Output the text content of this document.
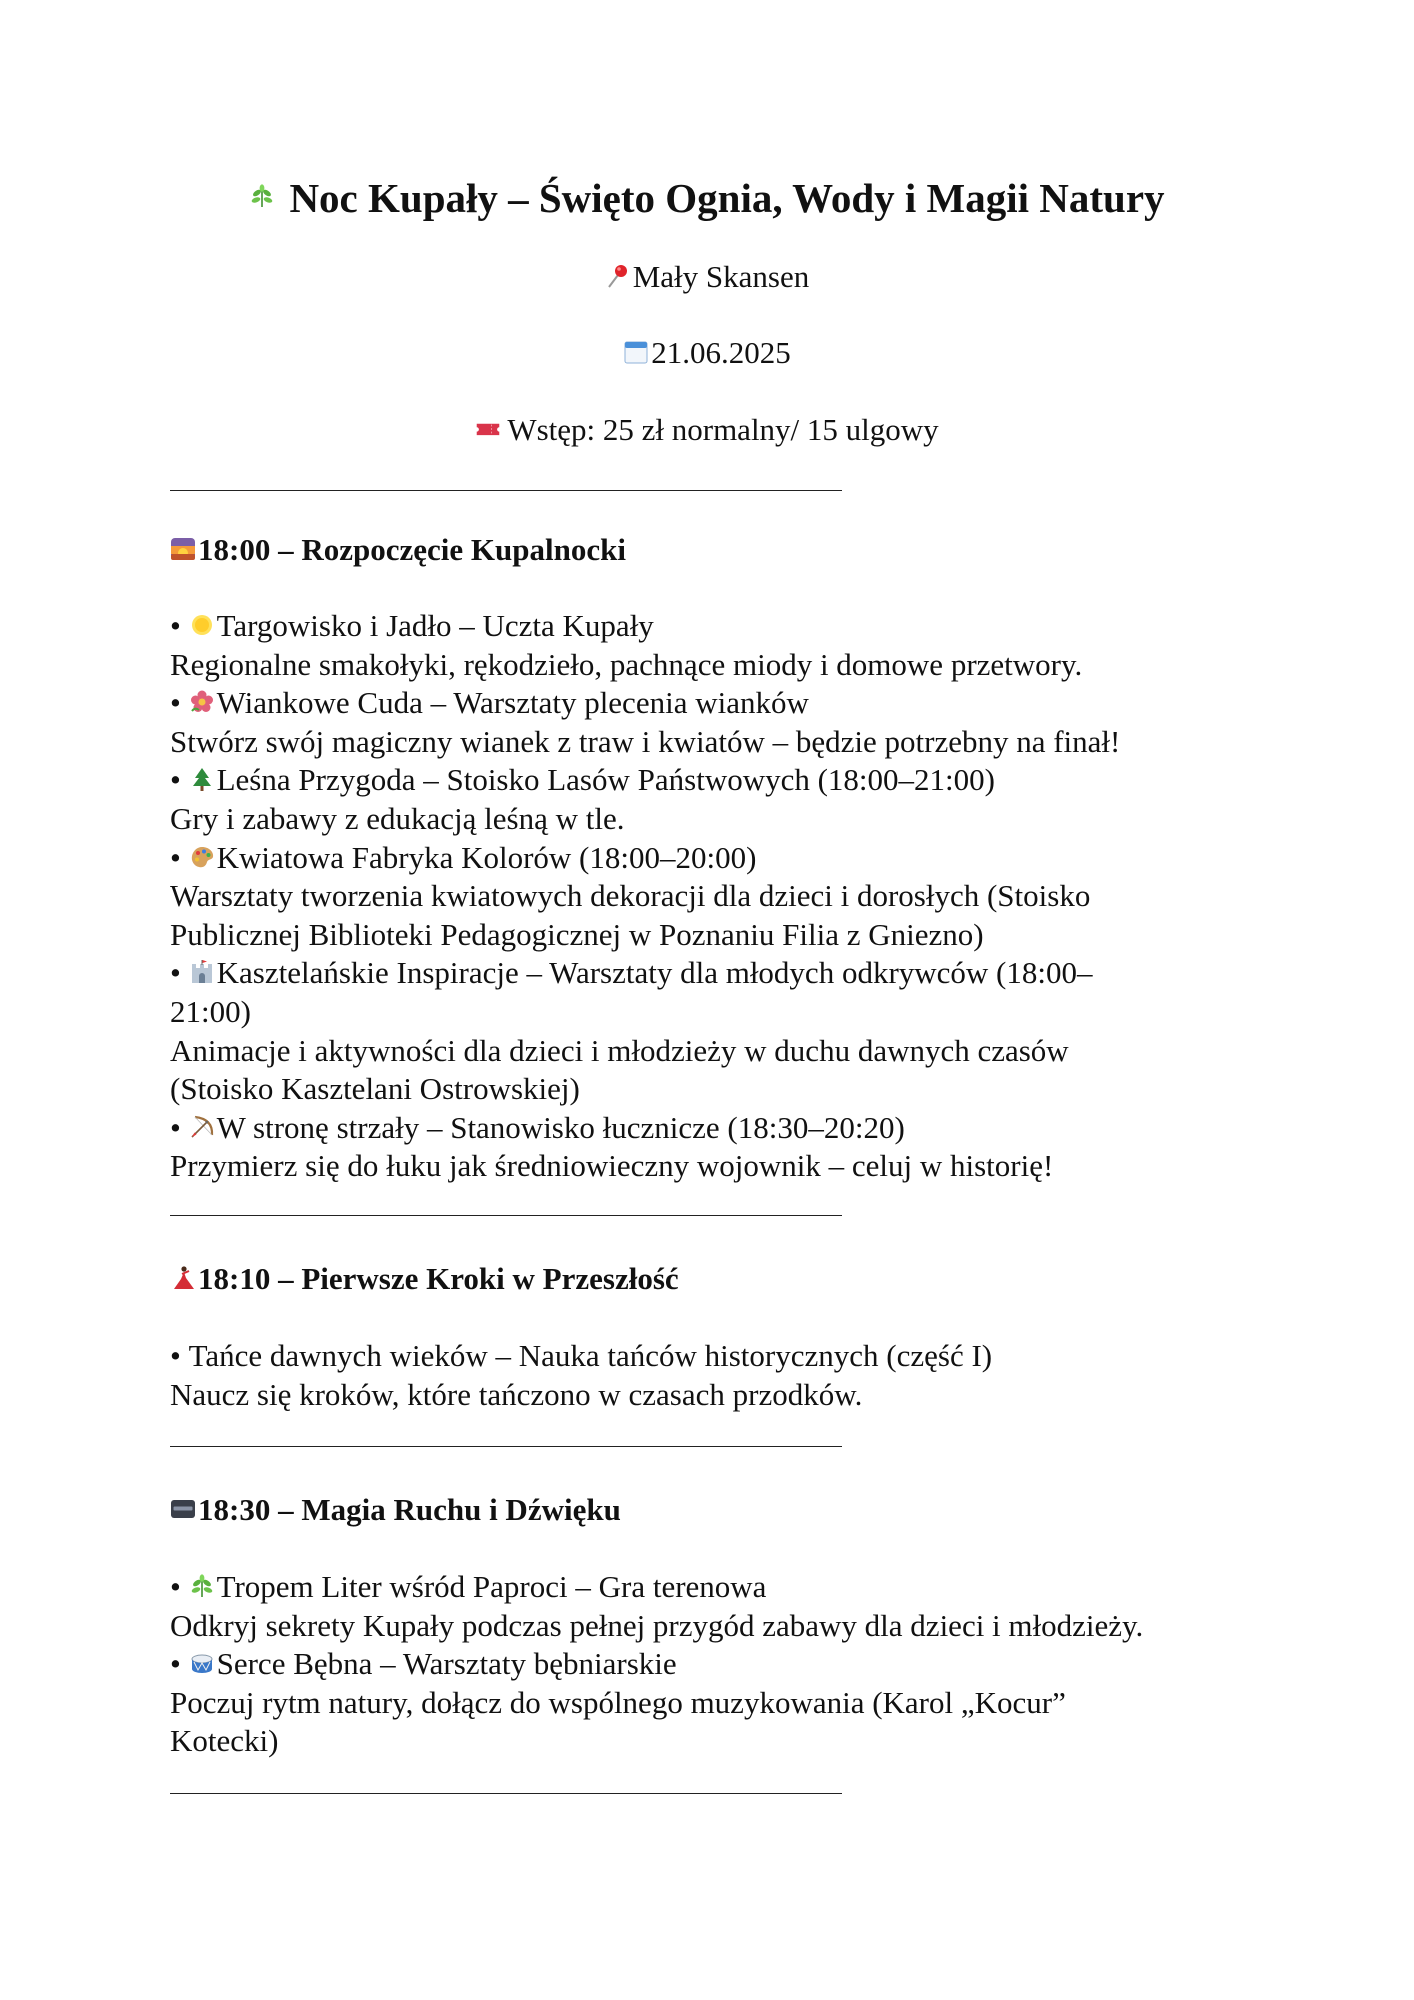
Noc Kupały – Święto Ognia, Wody i Magii Natury
Mały Skansen
21.06.2025
Wstęp: 25 zł normalny/ 15 ulgowy
18:00 – Rozpoczęcie Kupalnocki
• Targowisko i Jadło – Uczta Kupały
Regionalne smakołyki, rękodzieło, pachnące miody i domowe przetwory.
• Wiankowe Cuda – Warsztaty plecenia wianków
Stwórz swój magiczny wianek z traw i kwiatów – będzie potrzebny na finał!
• Leśna Przygoda – Stoisko Lasów Państwowych (18:00–21:00)
Gry i zabawy z edukacją leśną w tle.
• Kwiatowa Fabryka Kolorów (18:00–20:00)
Warsztaty tworzenia kwiatowych dekoracji dla dzieci i dorosłych (Stoisko
Publicznej Biblioteki Pedagogicznej w Poznaniu Filia z Gniezno)
• Kasztelańskie Inspiracje – Warsztaty dla młodych odkrywców (18:00–
21:00)
Animacje i aktywności dla dzieci i młodzieży w duchu dawnych czasów
(Stoisko Kasztelani Ostrowskiej)
• W stronę strzały – Stanowisko łucznicze (18:30–20:20)
Przymierz się do łuku jak średniowieczny wojownik – celuj w historię!
18:10 – Pierwsze Kroki w Przeszłość
• Tańce dawnych wieków – Nauka tańców historycznych (część I)
Naucz się kroków, które tańczono w czasach przodków.
18:30 – Magia Ruchu i Dźwięku
• Tropem Liter wśród Paproci – Gra terenowa
Odkryj sekrety Kupały podczas pełnej przygód zabawy dla dzieci i młodzieży.
• Serce Bębna – Warsztaty bębniarskie
Poczuj rytm natury, dołącz do wspólnego muzykowania (Karol „Kocur”
Kotecki)
